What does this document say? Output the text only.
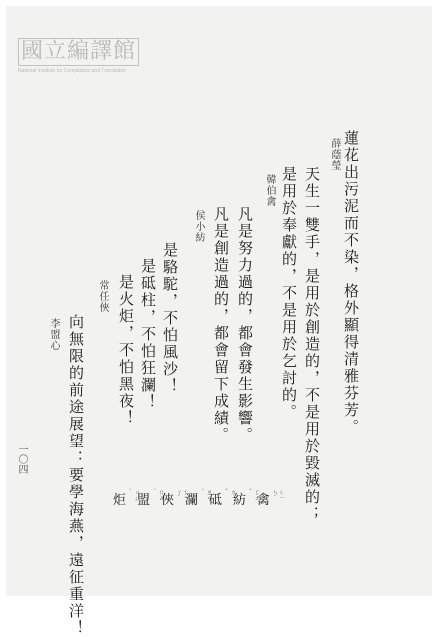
國立編譯館
National Institute for Compilation and Translation
蓮花出污泥而不染，格外顯得清雅芬芳。
薛蔭瑩
天生一雙手，是用於創造的，不是用於毀滅的；
是用於奉獻的，不是用於乞討的。
韓伯禽
凡是努力過的，都會發生影響。
凡是創造過的，都會留下成績。
侯小紡
是駱駝，不怕風沙！
是砥柱，不怕狂瀾！
是火炬，不怕黑夜！
常任俠
向無限的前途展望：要學海燕，遠征重洋！
李盟心
一〇四
炬	ㄐㄩˋ
盟	ㄇㄥˊ
俠	ㄒㄧㄚˊ 瀾	ㄌㄢˊ
砥	ㄉㄧˇ
紡	ㄈㄤˇ
禽	ㄑㄧㄣˊ
